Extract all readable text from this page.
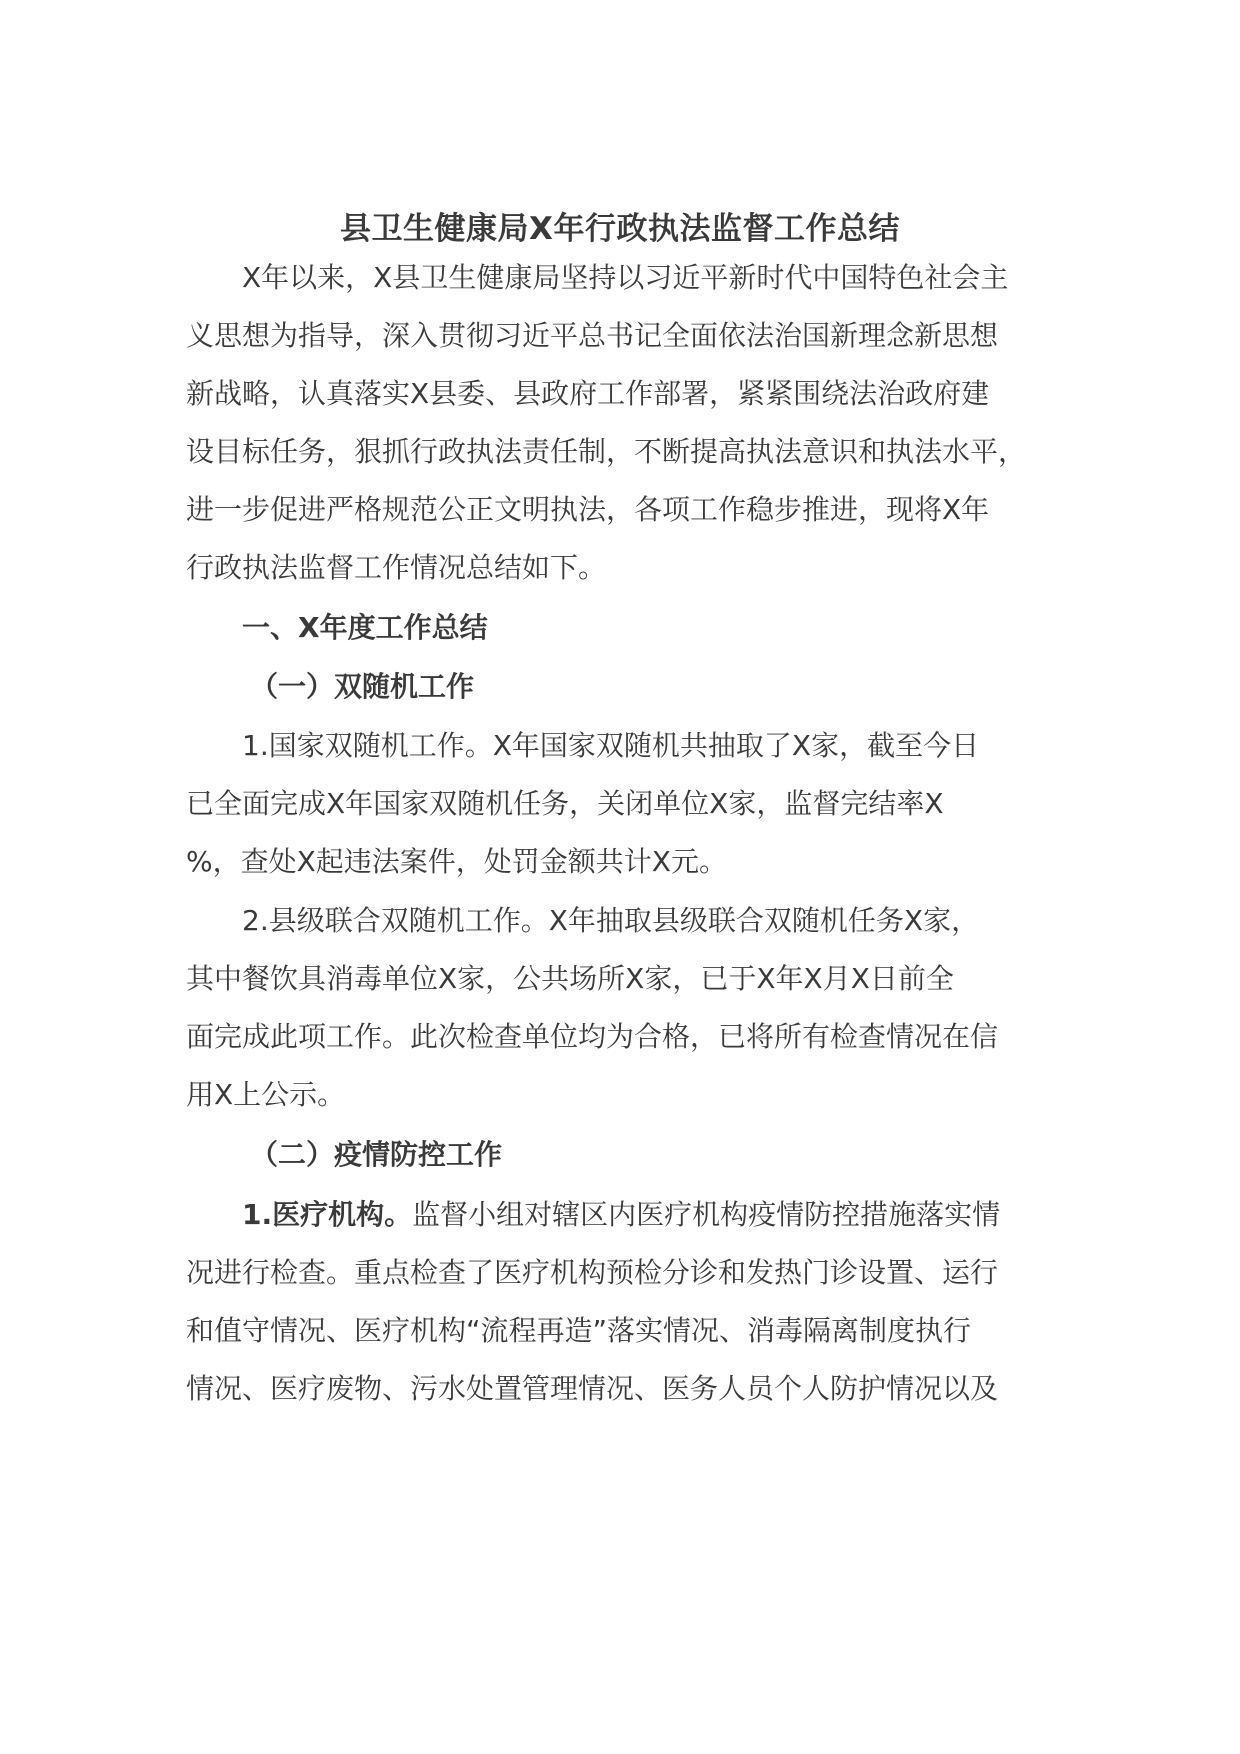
县卫生健康局X年行政执法监督工作总结
X年以来，X县卫生健康局坚持以习近平新时代中国特色社会主
义思想为指导，深入贯彻习近平总书记全面依法治国新理念新思想
新战略，认真落实X县委、县政府工作部署，紧紧围绕法治政府建
设目标任务，狠抓行政执法责任制，不断提高执法意识和执法水平，
进一步促进严格规范公正文明执法，各项工作稳步推进，现将X年
行政执法监督工作情况总结如下。
一、X年度工作总结
（一）双随机工作
1.国家双随机工作。X年国家双随机共抽取了X家，截至今日
已全面完成X年国家双随机任务，关闭单位X家，监督完结率X
%，查处X起违法案件，处罚金额共计X元。
2.县级联合双随机工作。X年抽取县级联合双随机任务X家，
其中餐饮具消毒单位X家，公共场所X家，已于X年X月X日前全
面完成此项工作。此次检查单位均为合格，已将所有检查情况在信
用X上公示。
（二）疫情防控工作
1.医疗机构。监督小组对辖区内医疗机构疫情防控措施落实情
况进行检查。重点检查了医疗机构预检分诊和发热门诊设置、运行
和值守情况、医疗机构“流程再造”落实情况、消毒隔离制度执行
情况、医疗废物、污水处置管理情况、医务人员个人防护情况以及
